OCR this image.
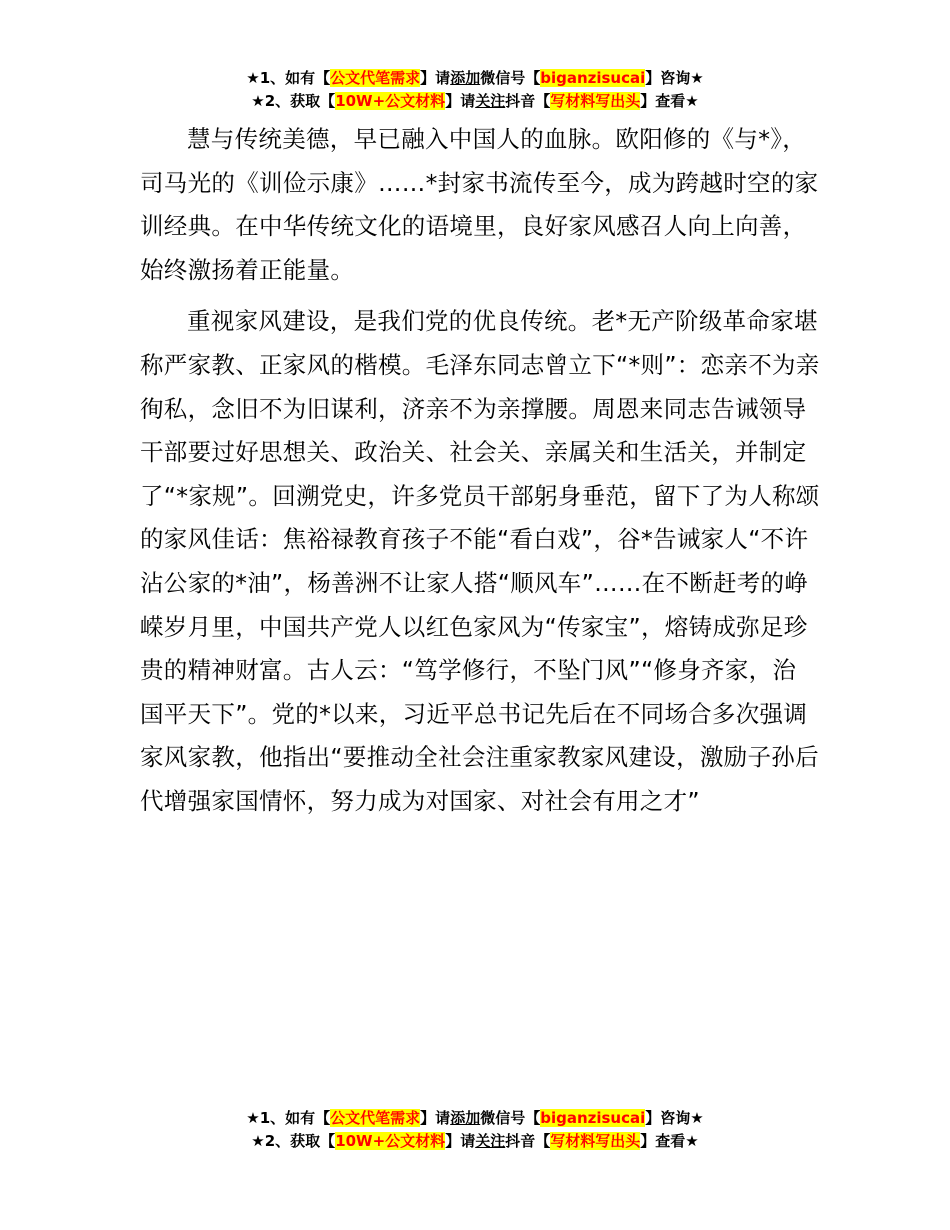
★1、如有【公文代笔需求】请添加微信号【biganzisucai】咨询★
★2、获取【10W+公文材料】请关注抖音【写材料写出头】查看★

慧与传统美德，早已融入中国人的血脉。欧阳修的《与*》，司马光的《训俭示康》……*封家书流传至今，成为跨越时空的家训经典。在中华传统文化的语境里，良好家风感召人向上向善，始终激扬着正能量。

重视家风建设，是我们党的优良传统。老*无产阶级革命家堪称严家教、正家风的楷模。毛泽东同志曾立下“*则”：恋亲不为亲徇私，念旧不为旧谋利，济亲不为亲撑腰。周恩来同志告诫领导干部要过好思想关、政治关、社会关、亲属关和生活关，并制定了“*家规”。回溯党史，许多党员干部躬身垂范，留下了为人称颂的家风佳话：焦裕禄教育孩子不能“看白戏”，谷*告诫家人“不许沾公家的*油”，杨善洲不让家人搭“顺风车”……在不断赶考的峥嵘岁月里，中国共产党人以红色家风为“传家宝”，熔铸成弥足珍贵的精神财富。古人云：“笃学修行，不坠门风”“修身齐家，治国平天下”。党的*以来，习近平总书记先后在不同场合多次强调家风家教，他指出“要推动全社会注重家教家风建设，激励子孙后代增强家国情怀，努力成为对国家、对社会有用之才”

★1、如有【公文代笔需求】请添加微信号【biganzisucai】咨询★
★2、获取【10W+公文材料】请关注抖音【写材料写出头】查看★
